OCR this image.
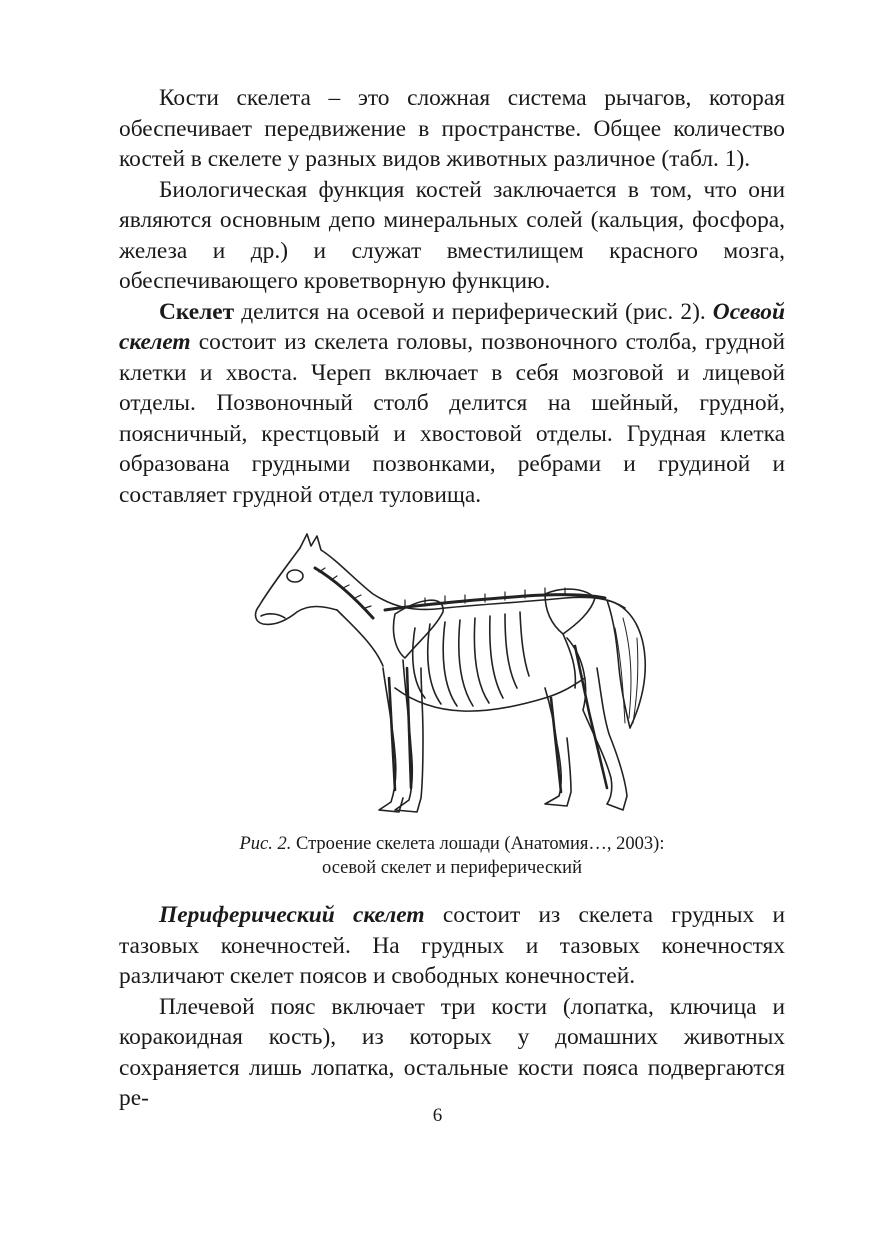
Кости скелета – это сложная система рычагов, которая обеспечивает передвижение в пространстве. Общее количество костей в скелете у разных видов животных различное (табл. 1).

Биологическая функция костей заключается в том, что они являются основным депо минеральных солей (кальция, фосфора, железа и др.) и служат вместилищем красного мозга, обеспечивающего кроветворную функцию.

Скелет делится на осевой и периферический (рис. 2). Осевой скелет состоит из скелета головы, позвоночного столба, грудной клетки и хвоста. Череп включает в себя мозговой и лицевой отделы. Позвоночный столб делится на шейный, грудной, поясничный, крестцовый и хвостовой отделы. Грудная клетка образована грудными позвонками, ребрами и грудиной и составляет грудной отдел туловища.

Рис. 2. Строение скелета лошади (Анатомия…, 2003):
осевой скелет и периферический

Периферический скелет состоит из скелета грудных и тазовых конечностей. На грудных и тазовых конечностях различают скелет поясов и свободных конечностей.

Плечевой пояс включает три кости (лопатка, ключица и коракоидная кость), из которых у домашних животных сохраняется лишь лопатка, остальные кости пояса подвергаются ре-

6
